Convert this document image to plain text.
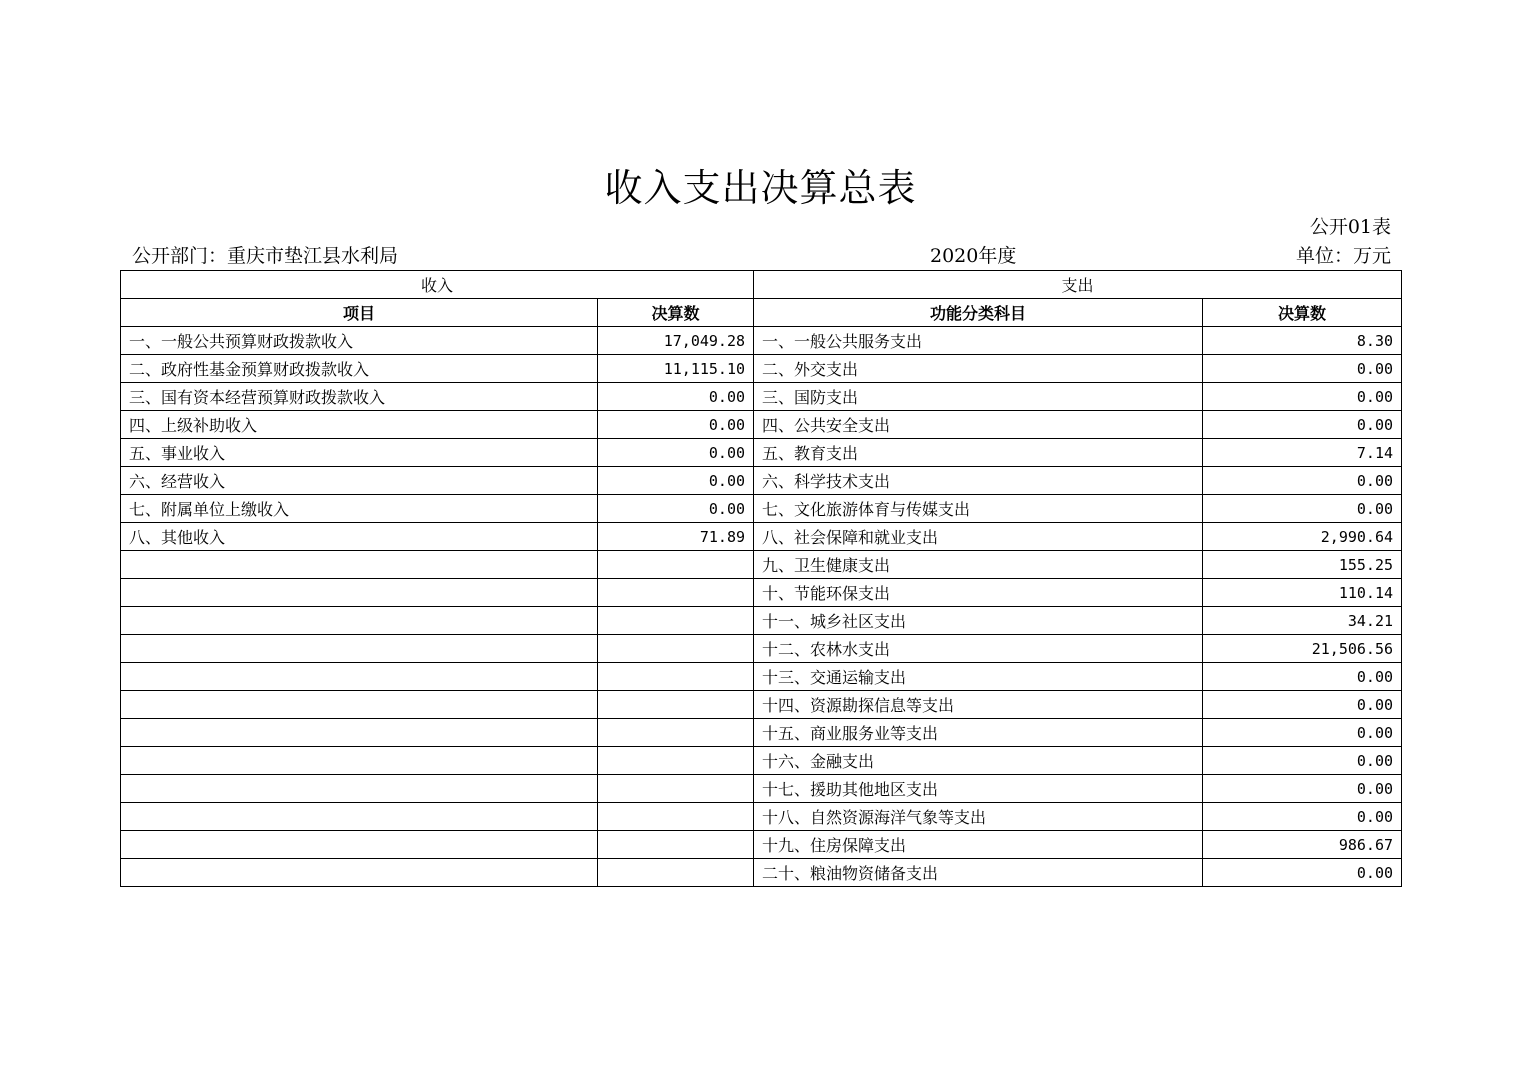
收入支出决算总表
公开01表
公开部门：重庆市垫江县水利局	2020年度	单位：万元
收入		支出	
项目	决算数	功能分类科目	决算数
一、一般公共预算财政拨款收入	17,049.28	一、一般公共服务支出	8.30
二、政府性基金预算财政拨款收入	11,115.10	二、外交支出	0.00
三、国有资本经营预算财政拨款收入	0.00	三、国防支出	0.00
四、上级补助收入	0.00	四、公共安全支出	0.00
五、事业收入	0.00	五、教育支出	7.14
六、经营收入	0.00	六、科学技术支出	0.00
七、附属单位上缴收入	0.00	七、文化旅游体育与传媒支出	0.00
八、其他收入	71.89	八、社会保障和就业支出	2,990.64
		九、卫生健康支出	155.25
		十、节能环保支出	110.14
		十一、城乡社区支出	34.21
		十二、农林水支出	21,506.56
		十三、交通运输支出	0.00
		十四、资源勘探信息等支出	0.00
		十五、商业服务业等支出	0.00
		十六、金融支出	0.00
		十七、援助其他地区支出	0.00
		十八、自然资源海洋气象等支出	0.00
		十九、住房保障支出	986.67
		二十、粮油物资储备支出	0.00
